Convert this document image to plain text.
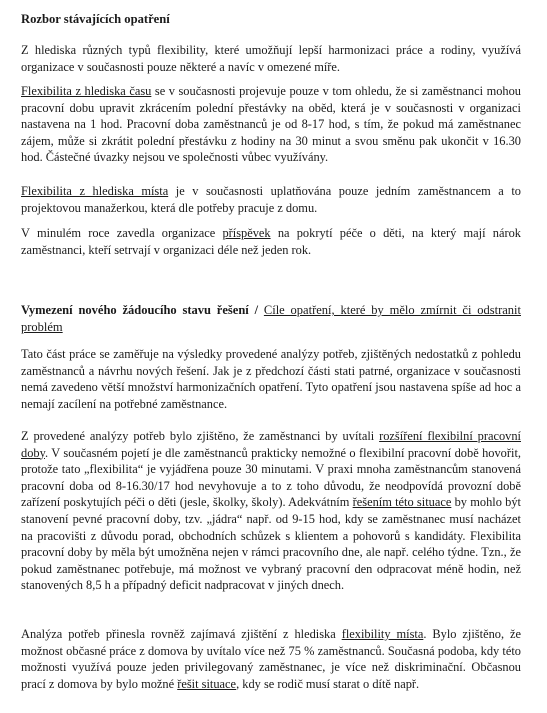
Rozbor stávajících opatření

Z hlediska různých typů flexibility, které umožňují lepší harmonizaci práce a rodiny, využívá organizace v současnosti pouze některé a navíc v omezené míře.

Flexibilita z hlediska času se v současnosti projevuje pouze v tom ohledu, že si zaměstnanci mohou pracovní dobu upravit zkrácením polední přestávky na oběd, která je v současnosti v organizaci nastavena na 1 hod. Pracovní doba zaměstnanců je od 8-17 hod, s tím, že pokud má zaměstnanec zájem, může si zkrátit polední přestávku z hodiny na 30 minut a svou směnu pak ukončit v 16.30 hod. Částečné úvazky nejsou ve společnosti vůbec využívány.

Flexibilita z hlediska místa je v současnosti uplatňována pouze jedním zaměstnancem a to projektovou manažerkou, která dle potřeby pracuje z domu.

V minulém roce zavedla organizace příspěvek na pokrytí péče o děti, na který mají nárok zaměstnanci, kteří setrvají v organizaci déle než jeden rok.

Vymezení nového žádoucího stavu řešení / Cíle opatření, které by mělo zmírnit či odstranit problém

Tato část práce se zaměřuje na výsledky provedené analýzy potřeb, zjištěných nedostatků z pohledu zaměstnanců a návrhu nových řešení. Jak je z předchozí části stati patrné, organizace v současnosti nemá zavedeno větší množství harmonizačních opatření. Tyto opatření jsou nastavena spíše ad hoc a nemají zacílení na potřebné zaměstnance.

Z provedené analýzy potřeb bylo zjištěno, že zaměstnanci by uvítali rozšíření flexibilní pracovní doby. V současném pojetí je dle zaměstnanců prakticky nemožné o flexibilní pracovní době hovořit, protože tato „flexibilita“ je vyjádřena pouze 30 minutami. V praxi mnoha zaměstnancům stanovená pracovní doba od 8-16.30/17 hod nevyhovuje a to z toho důvodu, že neodpovídá provozní době zařízení poskytujích péči o děti (jesle, školky, školy). Adekvátním řešením této situace by mohlo být stanovení pevné pracovní doby, tzv. „jádra“ např. od 9-15 hod, kdy se zaměstnanec musí nacházet na pracovišti z důvodu porad, obchodních schůzek s klientem a pohovorů s kandidáty. Flexibilita pracovní doby by měla být umožněna nejen v rámci pracovního dne, ale např. celého týdne. Tzn., že pokud zaměstnanec potřebuje, má možnost ve vybraný pracovní den odpracovat méně hodin, než stanovených 8,5 h a případný deficit nadpracovat v jiných dnech.

Analýza potřeb přinesla rovněž zajímavá zjištění z hlediska flexibility místa. Bylo zjištěno, že možnost občasné práce z domova by uvítalo více než 75 % zaměstnanců. Současná podoba, kdy této možnosti využívá pouze jeden privilegovaný zaměstnanec, je více než diskriminační. Občasnou prací z domova by bylo možné řešit situace, kdy se rodič musí starat o dítě např.
